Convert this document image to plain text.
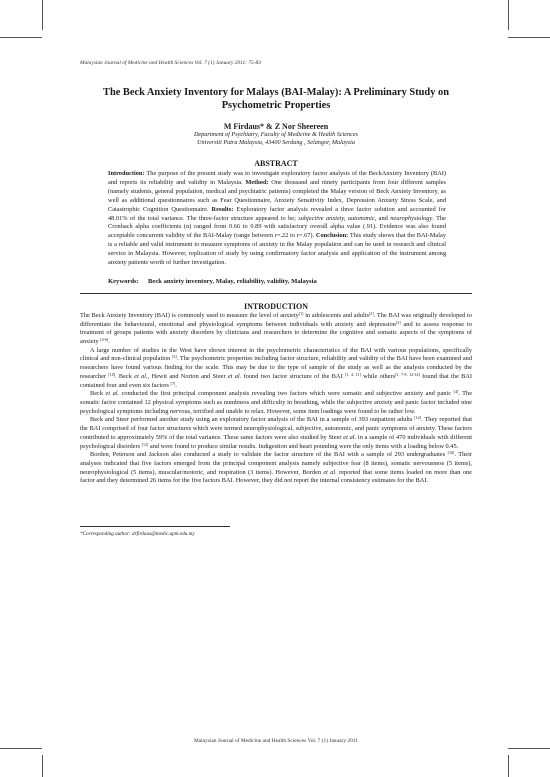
Malaysian Journal of Medicine and Health Sciences Vol. 7 (1) January 2011: 75-83
The Beck Anxiety Inventory for Malays (BAI-Malay): A Preliminary Study on Psychometric Properties
M Firdaus* & Z Nor Sheereen
Department of Psychiatry, Faculty of Medicine & Health Sciences
Universiti Putra Malaysia, 43400 Serdang , Selangor, Malaysia
ABSTRACT
Introduction: The purpose of the present study was to investigate exploratory factor analysis of the BeckAnxiety Inventory (BAI) and reports its reliability and validity in Malaysia. Method: One thousand and ninety participants from four different samples (namely students, general population, medical and psychiatric patients) completed the Malay version of Beck Anxiety Inventory, as well as additional questionnaires such as Fear Questionnaire, Anxiety Sensitivity Index, Depression Anxiety Stress Scale, and Catastrophic Cognition Questionnaire. Results: Exploratory factor analysis revealed a three factor solution and accounted for 48.01% of the total variance. The three-factor structure appeared to be; subjective anxiety, autonomic, and neurophysiology. The Cronbach alpha coefficients (α) ranged from 0.66 to 0.89 with satisfactory overall alpha value (.91). Evidence was also found acceptable concurrent validity of the BAI-Malay (range between r=.22 to r=.67). Conclusion: This study shows that the BAI-Malay is a reliable and valid instrument to measure symptoms of anxiety in the Malay population and can be used in research and clinical service in Malaysia. However, replication of study by using confirmatory factor analysis and application of the instrument among anxiety patients worth of further investigation.
Keywords:	Beck anxiety inventory, Malay, reliability, validity, Malaysia
INTRODUCTION

The Beck Anxiety Inventory (BAI) is commonly used to measure the level of anxiety[1] in adolescents and adults[2]. The BAI was originally developed to differentiate the behavioural, emotional and physiological symptoms between individuals with anxiety and depression[3] and to assess response to treatment of groups patients with anxiety disorders by clinicians and researchers to determine the cognitive and somatic aspects of the symptoms of anxiety [4-6].

A large number of studies in the West have shown interest in the psychometric characteristics of the BAI with various populations, specifically clinical and non-clinical population [3]. The psychometric properties including factor structure, reliability and validity of the BAI have been examined and researchers have found various finding for the scale. This may be due to the type of sample of the study as well as the analysis conducted by the researcher [10]. Beck et al., Hewit and Norton and Steer et al. found two factor structure of the BAI [1, 4, 11] while others[1, 7-9, 12-14] found that the BAI contained four and even six factors [7].

Beck et al. conducted the first principal component analysis revealing two factors which were somatic and subjective anxiety and panic [4]. The somatic factor contained 12 physical symptoms such as numbness and difficulty in breathing, while the subjective anxiety and panic factor included nine psychological symptoms including nervous, terrified and unable to relax. However, some item loadings were found to be rather low.

Beck and Steer performed another study using an exploratory factor analysis of the BAI in a sample of 393 outpatient adults [14]. They reported that the BAI comprised of four factor structures which were termed neurophysiological, subjective, autonomic, and panic symptoms of anxiety. These factors contributed to approximately 59% of the total variance. These same factors were also studied by Steer et al. in a sample of 470 individuals with different psychological disorders [12] and were found to produce similar results. Indigestion and heart pounding were the only items with a loading below 0.45.

Borden, Peterson and Jackson also conducted a study to validate the factor structure of the BAI with a sample of 293 undergraduates [16]. Their analyses indicated that five factors emerged from the principal component analysis namely subjective fear (8 items), somatic nervousness (5 items), neurophysiological (5 items), muscular/motoric, and respiration (3 items). However, Borden et al. reported that some items loaded on more than one factor and they determined 26 items for the five factors BAI. However, they did not report the internal consistency estimates for the BAI.

*Corresponding author: drfirdaus@medic.upm.edu.my
Malaysian Journal of Medicine and Health Sciences Vol. 7 (1) January 2011
